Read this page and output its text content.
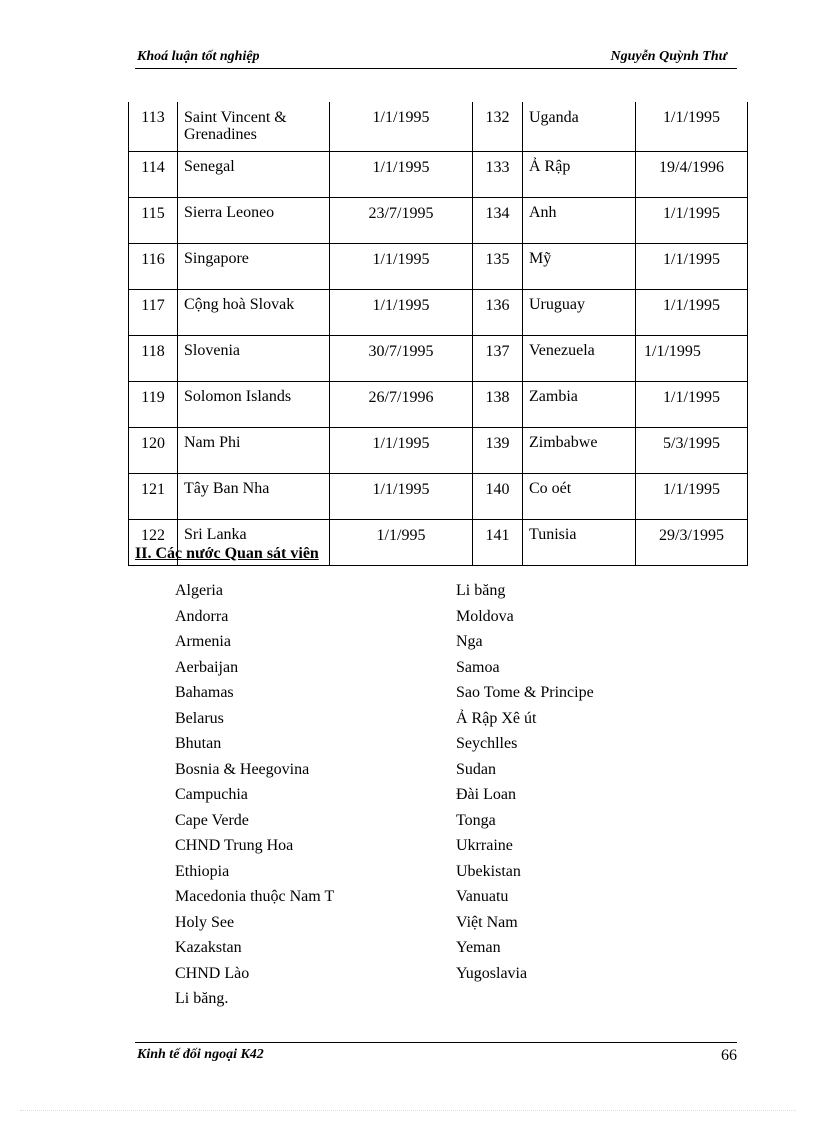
Khoá luận tốt nghiệp	Nguyễn Quỳnh Thư
113	Saint Vincent & Grenadines	1/1/1995	132	Uganda	1/1/1995
114	Senegal	1/1/1995	133	Ả Rập	19/4/1996
115	Sierra Leoneo	23/7/1995	134	Anh	1/1/1995
116	Singapore	1/1/1995	135	Mỹ	1/1/1995
117	Cộng hoà Slovak	1/1/1995	136	Uruguay	1/1/1995
118	Slovenia	30/7/1995	137	Venezuela	1/1/1995
119	Solomon Islands	26/7/1996	138	Zambia	1/1/1995
120	Nam Phi	1/1/1995	139	Zimbabwe	5/3/1995
121	Tây Ban Nha	1/1/1995	140	Co oét	1/1/1995
122	Sri Lanka	1/1/995	141	Tunisia	29/3/1995
II. Các nước Quan sát viên
Algeria
Andorra
Armenia
Aerbaijan
Bahamas
Belarus
Bhutan
Bosnia & Heegovina
Campuchia
Cape Verde
CHND Trung Hoa
Ethiopia
Macedonia thuộc Nam T
Holy See
Kazakstan
CHND Lào
Li băng.
Li băng
Moldova
Nga
Samoa
Sao Tome & Principe
Ả Rập Xê út
Seychlles
Sudan
Đài Loan
Tonga
Ukrraine
Ubekistan
Vanuatu
Việt Nam
Yeman
Yugoslavia
Kinh tế đối ngoại K42	66
